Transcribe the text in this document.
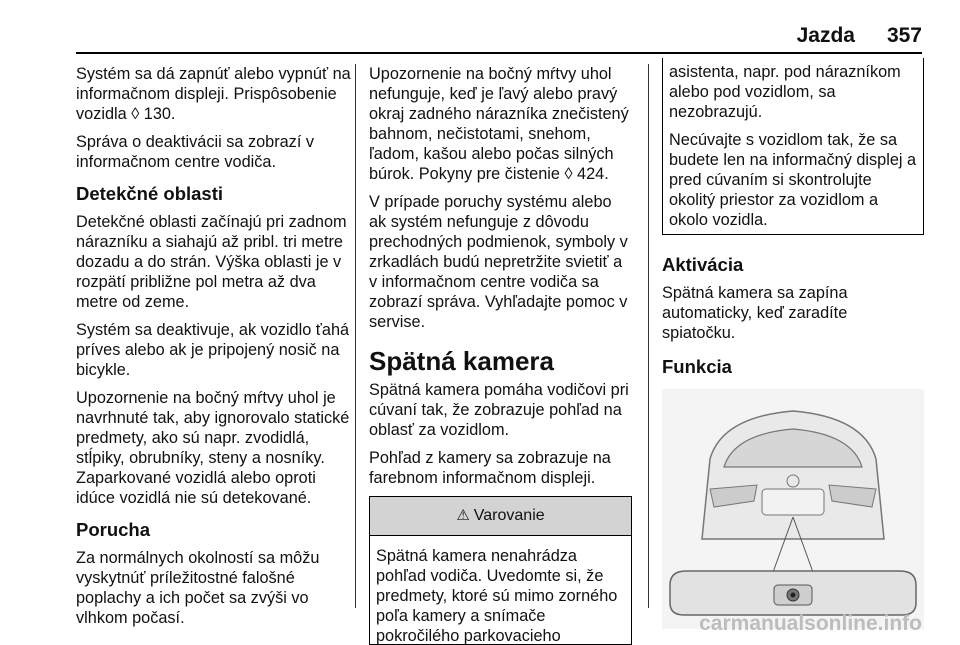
Jazda 357

Systém sa dá zapnúť alebo vypnúť na informačnom displeji. Prispôsobenie vozidla ◊ 130.

Správa o deaktivácii sa zobrazí v informačnom centre vodiča.

Detekčné oblasti

Detekčné oblasti začínajú pri zadnom nárazníku a siahajú až pribl. tri metre dozadu a do strán. Výška oblasti je v rozpätí približne pol metra až dva metre od zeme.

Systém sa deaktivuje, ak vozidlo ťahá príves alebo ak je pripojený nosič na bicykle.

Upozornenie na bočný mŕtvy uhol je navrhnuté tak, aby ignorovalo statické predmety, ako sú napr. zvodidlá, stĺpiky, obrubníky, steny a nosníky. Zaparkované vozidlá alebo oproti idúce vozidlá nie sú detekované.

Porucha

Za normálnych okolností sa môžu vyskytnúť príležitostné falošné poplachy a ich počet sa zvýši vo vlhkom počasí.

Upozornenie na bočný mŕtvy uhol nefunguje, keď je ľavý alebo pravý okraj zadného nárazníka znečistený bahnom, nečistotami, snehom, ľadom, kašou alebo počas silných búrok. Pokyny pre čistenie ◊ 424.

V prípade poruchy systému alebo ak systém nefunguje z dôvodu prechodných podmienok, symboly v zrkadlách budú nepretržite svietiť a v informačnom centre vodiča sa zobrazí správa. Vyhľadajte pomoc v servise.

Spätná kamera

Spätná kamera pomáha vodičovi pri cúvaní tak, že zobrazuje pohľad na oblasť za vozidlom.

Pohľad z kamery sa zobrazuje na farebnom informačnom displeji.

⚠ Varovanie
Spätná kamera nenahrádza pohľad vodiča. Uvedomte si, že predmety, ktoré sú mimo zorného poľa kamery a snímače pokročilého parkovacieho

asistenta, napr. pod nárazníkom alebo pod vozidlom, sa nezobrazujú.

Necúvajte s vozidlom tak, že sa budete len na informačný displej a pred cúvaním si skontrolujte okolitý priestor za vozidlom a okolo vozidla.

Aktivácia

Spätná kamera sa zapína automaticky, keď zaradíte spiatočku.

Funkcia
carmanualsonline.info
